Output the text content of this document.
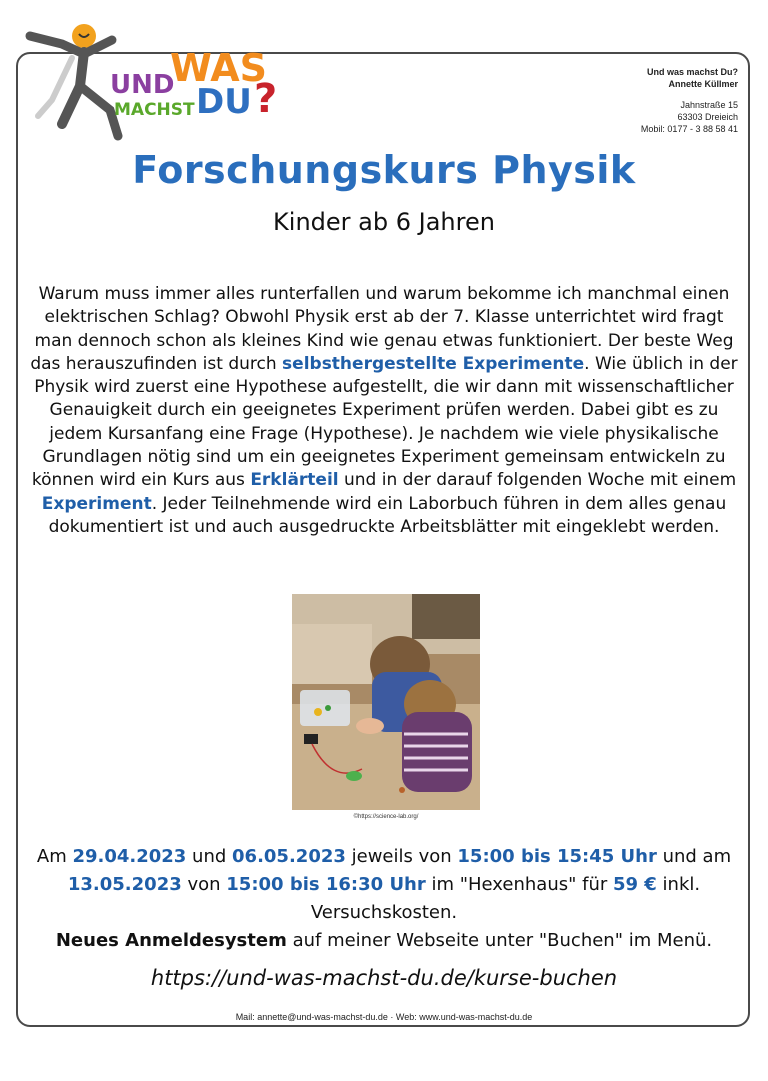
UND
WAS
MACHST DU ?
Und was machst Du?
Annette Küllmer
Jahnstraße 15
63303 Dreieich
Mobil: 0177 - 3 88 58 41
Forschungskurs Physik
Kinder ab 6 Jahren
Warum muss immer alles runterfallen und warum bekomme ich manchmal einen elektrischen Schlag? Obwohl Physik erst ab der 7. Klasse unterrichtet wird fragt man dennoch schon als kleines Kind wie genau etwas funktioniert. Der beste Weg das herauszufinden ist durch selbsthergestellte Experimente. Wie üblich in der Physik wird zuerst eine Hypothese aufgestellt, die wir dann mit wissenschaftlicher Genauigkeit durch ein geeignetes Experiment prüfen werden. Dabei gibt es zu jedem Kursanfang eine Frage (Hypothese). Je nachdem wie viele physikalische Grundlagen nötig sind um ein geeignetes Experiment gemeinsam entwickeln zu können wird ein Kurs aus Erklärteil und in der darauf folgenden Woche mit einem Experiment. Jeder Teilnehmende wird ein Laborbuch führen in dem alles genau dokumentiert ist und auch ausgedruckte Arbeitsblätter mit eingeklebt werden.
©https://science-lab.org/
Am 29.04.2023 und 06.05.2023 jeweils von 15:00 bis 15:45 Uhr und am 13.05.2023 von 15:00 bis 16:30 Uhr im "Hexenhaus" für 59 € inkl. Versuchskosten.
Neues Anmeldesystem auf meiner Webseite unter "Buchen" im Menü.
https://und-was-machst-du.de/kurse-buchen
Mail: annette@und-was-machst-du.de · Web: www.und-was-machst-du.de
